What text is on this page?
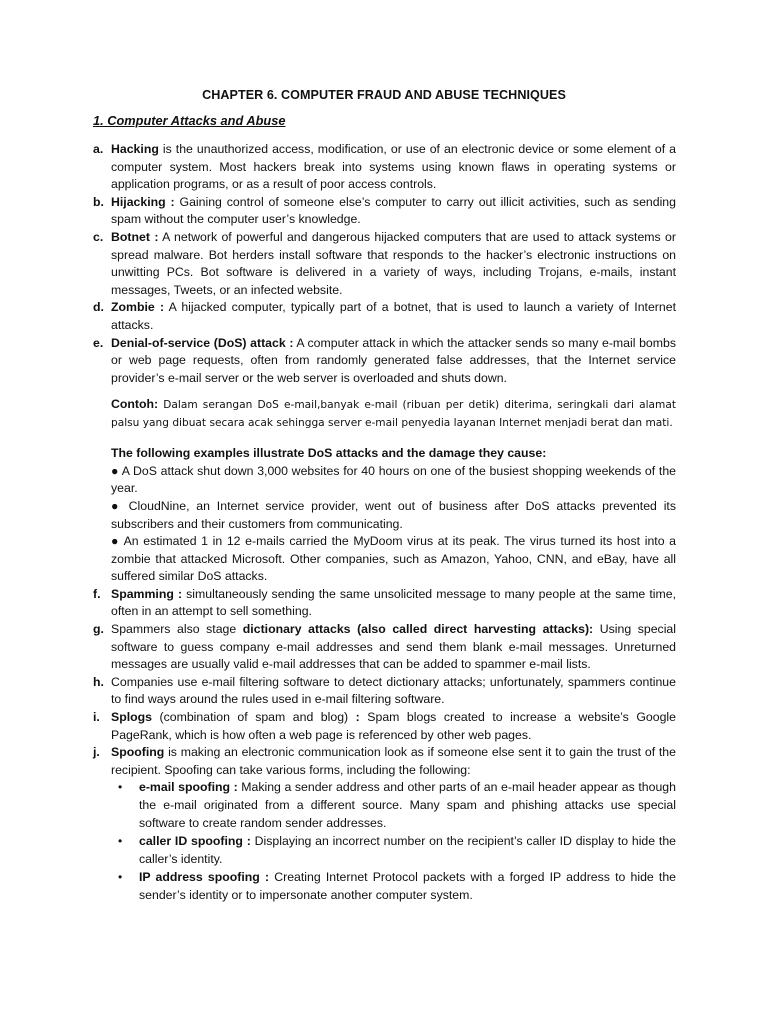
CHAPTER 6. COMPUTER FRAUD AND ABUSE TECHNIQUES
1. Computer Attacks and Abuse
a. Hacking is the unauthorized access, modification, or use of an electronic device or some element of a computer system. Most hackers break into systems using known flaws in operating systems or application programs, or as a result of poor access controls.
b. Hijacking : Gaining control of someone else’s computer to carry out illicit activities, such as sending spam without the computer user’s knowledge.
c. Botnet : A network of powerful and dangerous hijacked computers that are used to attack systems or spread malware. Bot herders install software that responds to the hacker’s electronic instructions on unwitting PCs. Bot software is delivered in a variety of ways, including Trojans, e-mails, instant messages, Tweets, or an infected website.
d. Zombie : A hijacked computer, typically part of a botnet, that is used to launch a variety of Internet attacks.
e. Denial-of-service (DoS) attack : A computer attack in which the attacker sends so many e-mail bombs or web page requests, often from randomly generated false addresses, that the Internet service provider’s e-mail server or the web server is overloaded and shuts down.
Contoh: Dalam serangan DoS e-mail,banyak e-mail (ribuan per detik) diterima, seringkali dari alamat palsu yang dibuat secara acak sehingga server e-mail penyedia layanan Internet menjadi berat dan mati.
The following examples illustrate DoS attacks and the damage they cause:
● A DoS attack shut down 3,000 websites for 40 hours on one of the busiest shopping weekends of the year.
● CloudNine, an Internet service provider, went out of business after DoS attacks prevented its subscribers and their customers from communicating.
● An estimated 1 in 12 e-mails carried the MyDoom virus at its peak. The virus turned its host into a zombie that attacked Microsoft. Other companies, such as Amazon, Yahoo, CNN, and eBay, have all suffered similar DoS attacks.
f. Spamming : simultaneously sending the same unsolicited message to many people at the same time, often in an attempt to sell something.
g. Spammers also stage dictionary attacks (also called direct harvesting attacks): Using special software to guess company e-mail addresses and send them blank e-mail messages. Unreturned messages are usually valid e-mail addresses that can be added to spammer e-mail lists.
h. Companies use e-mail filtering software to detect dictionary attacks; unfortunately, spammers continue to find ways around the rules used in e-mail filtering software.
i. Splogs (combination of spam and blog) : Spam blogs created to increase a website’s Google PageRank, which is how often a web page is referenced by other web pages.
j. Spoofing is making an electronic communication look as if someone else sent it to gain the trust of the recipient. Spoofing can take various forms, including the following:
•	e-mail spoofing : Making a sender address and other parts of an e-mail header appear as though the e-mail originated from a different source. Many spam and phishing attacks use special software to create random sender addresses.
•	caller ID spoofing : Displaying an incorrect number on the recipient’s caller ID display to hide the caller’s identity.
•	IP address spoofing : Creating Internet Protocol packets with a forged IP address to hide the sender’s identity or to impersonate another computer system.
